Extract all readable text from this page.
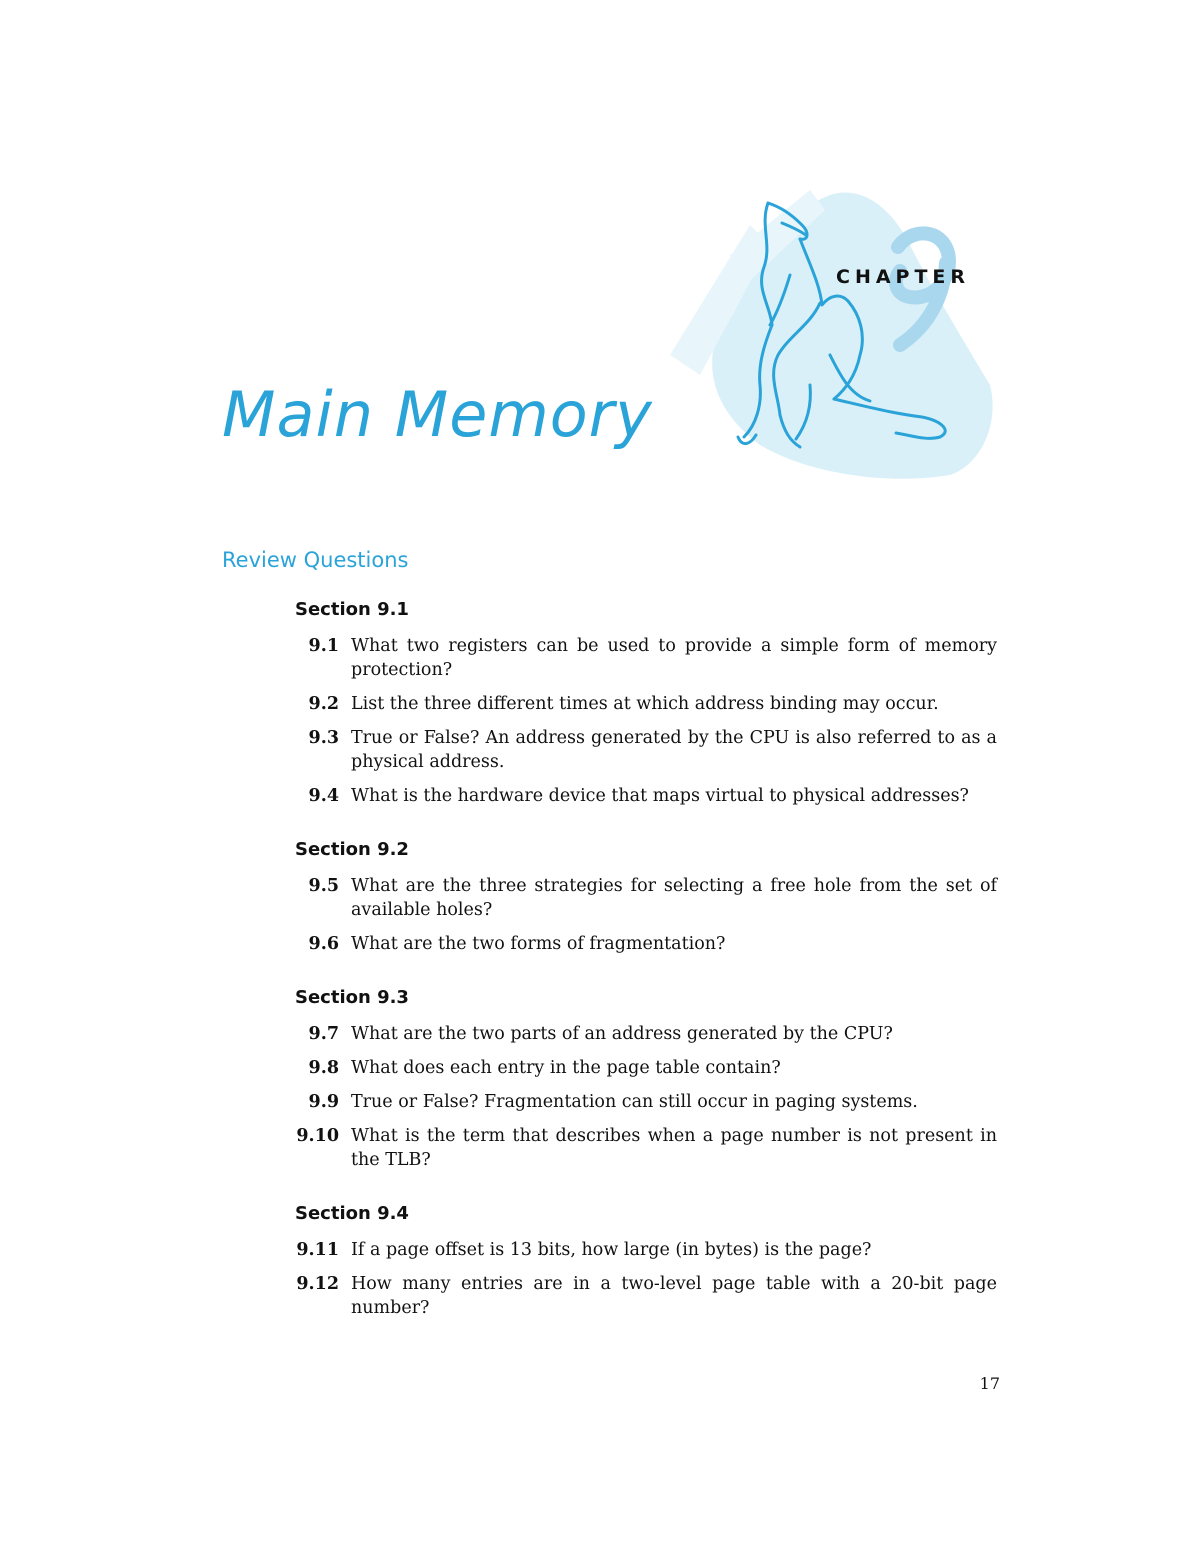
CHAPTER
Main Memory
Review Questions
Section 9.1
9.1 What two registers can be used to provide a simple form of memory protection?
9.2 List the three different times at which address binding may occur.
9.3 True or False? An address generated by the CPU is also referred to as a physical address.
9.4 What is the hardware device that maps virtual to physical addresses?
Section 9.2
9.5 What are the three strategies for selecting a free hole from the set of available holes?
9.6 What are the two forms of fragmentation?
Section 9.3
9.7 What are the two parts of an address generated by the CPU?
9.8 What does each entry in the page table contain?
9.9 True or False? Fragmentation can still occur in paging systems.
9.10 What is the term that describes when a page number is not present in the TLB?
Section 9.4
9.11 If a page offset is 13 bits, how large (in bytes) is the page?
9.12 How many entries are in a two-level page table with a 20-bit page number?
17
